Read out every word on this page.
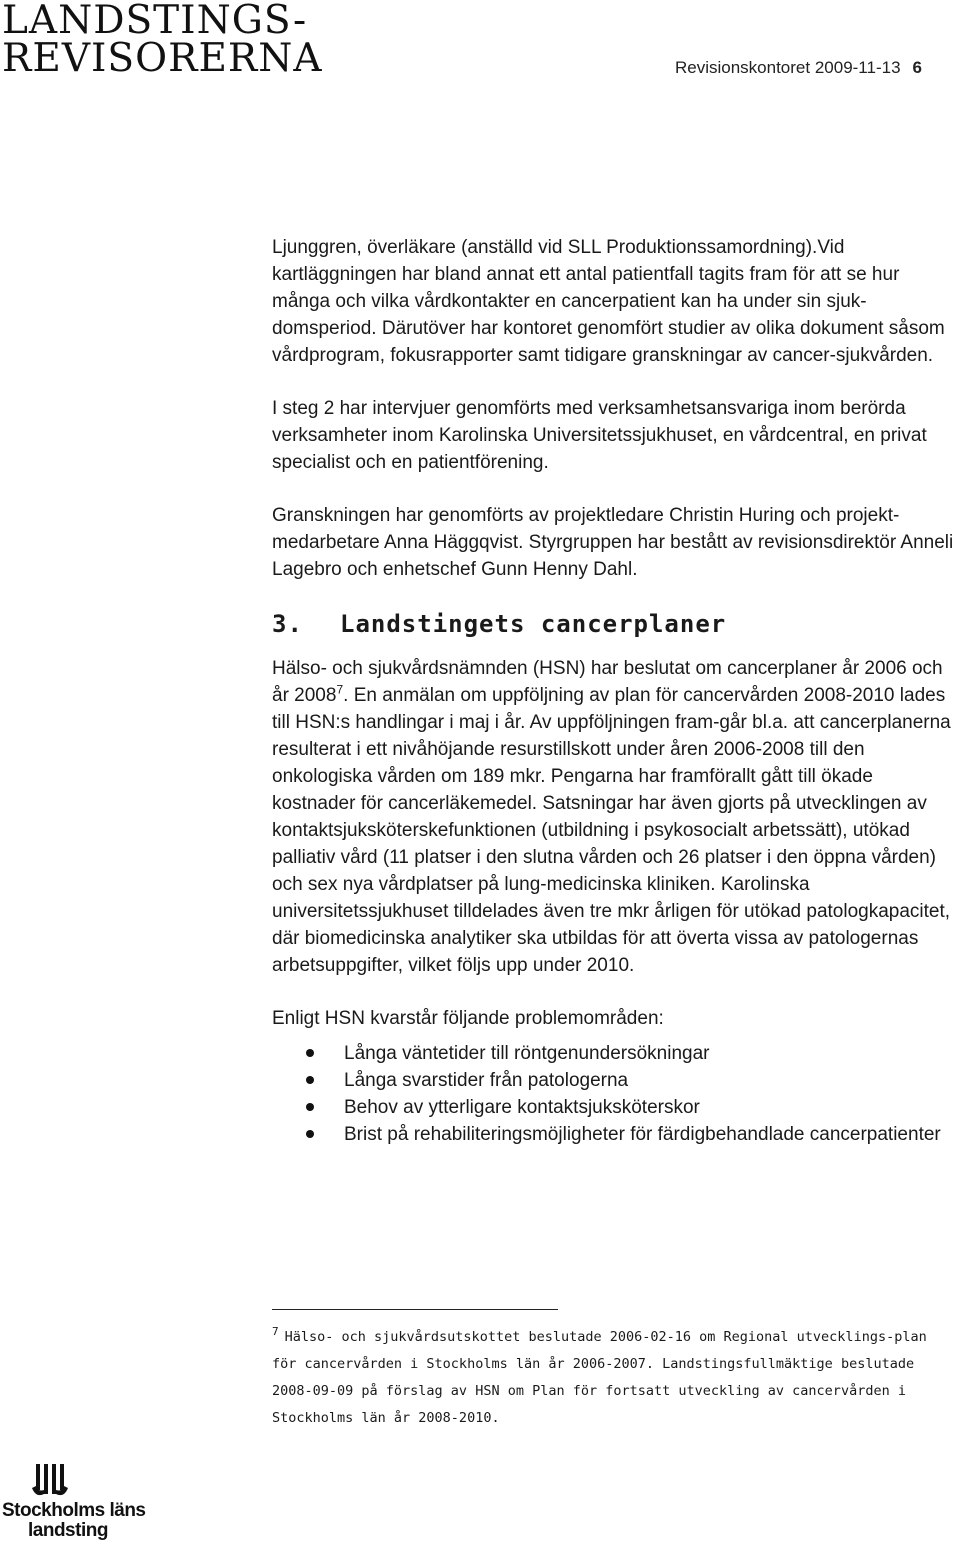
LANDSTINGS-
REVISORERNA	Revisionskontoret 2009-11-13 6

Ljunggren, överläkare (anställd vid SLL Produktionssamordning).Vid kartläggningen har bland annat ett antal patientfall tagits fram för att se hur många och vilka vårdkontakter en cancerpatient kan ha under sin sjuk-domsperiod. Därutöver har kontoret genomfört studier av olika dokument såsom vårdprogram, fokusrapporter samt tidigare granskningar av cancer-sjukvården.

I steg 2 har intervjuer genomförts med verksamhetsansvariga inom berörda verksamheter inom Karolinska Universitetssjukhuset, en vårdcentral, en privat specialist och en patientförening.

Granskningen har genomförts av projektledare Christin Huring och projekt-medarbetare Anna Häggqvist. Styrgruppen har bestått av revisionsdirektör Anneli Lagebro och enhetschef Gunn Henny Dahl.

3. Landstingets cancerplaner

Hälso- och sjukvårdsnämnden (HSN) har beslutat om cancerplaner år 2006 och år 2008$^7$. En anmälan om uppföljning av plan för cancervården 2008-2010 lades till HSN:s handlingar i maj i år. Av uppföljningen fram-går bl.a. att cancerplanerna resulterat i ett nivåhöjande resurstillskott under åren 2006-2008 till den onkologiska vården om 189 mkr. Pengarna har framförallt gått till ökade kostnader för cancerläkemedel. Satsningar har även gjorts på utvecklingen av kontaktsjuksköterskefunktionen (utbildning i psykosocialt arbetssätt), utökad palliativ vård (11 platser i den slutna vården och 26 platser i den öppna vården) och sex nya vårdplatser på lung-medicinska kliniken. Karolinska universitetssjukhuset tilldelades även tre mkr årligen för utökad patologkapacitet, där biomedicinska analytiker ska utbildas för att överta vissa av patologernas arbetsuppgifter, vilket följs upp under 2010.

Enligt HSN kvarstår följande problemområden:

Långa väntetider till röntgenundersökningar
Långa svarstider från patologerna
Behov av ytterligare kontaktsjuksköterskor
Brist på rehabiliteringsmöjligheter för färdigbehandlade cancerpatienter
$^7$ Hälso- och sjukvårdsutskottet beslutade 2006-02-16 om Regional utvecklings-plan för cancervården i Stockholms län år 2006-2007. Landstingsfullmäktige beslutade 2008-09-09 på förslag av HSN om Plan för fortsatt utveckling av cancervården i Stockholms län år 2008-2010.
Stockholms läns
landsting
